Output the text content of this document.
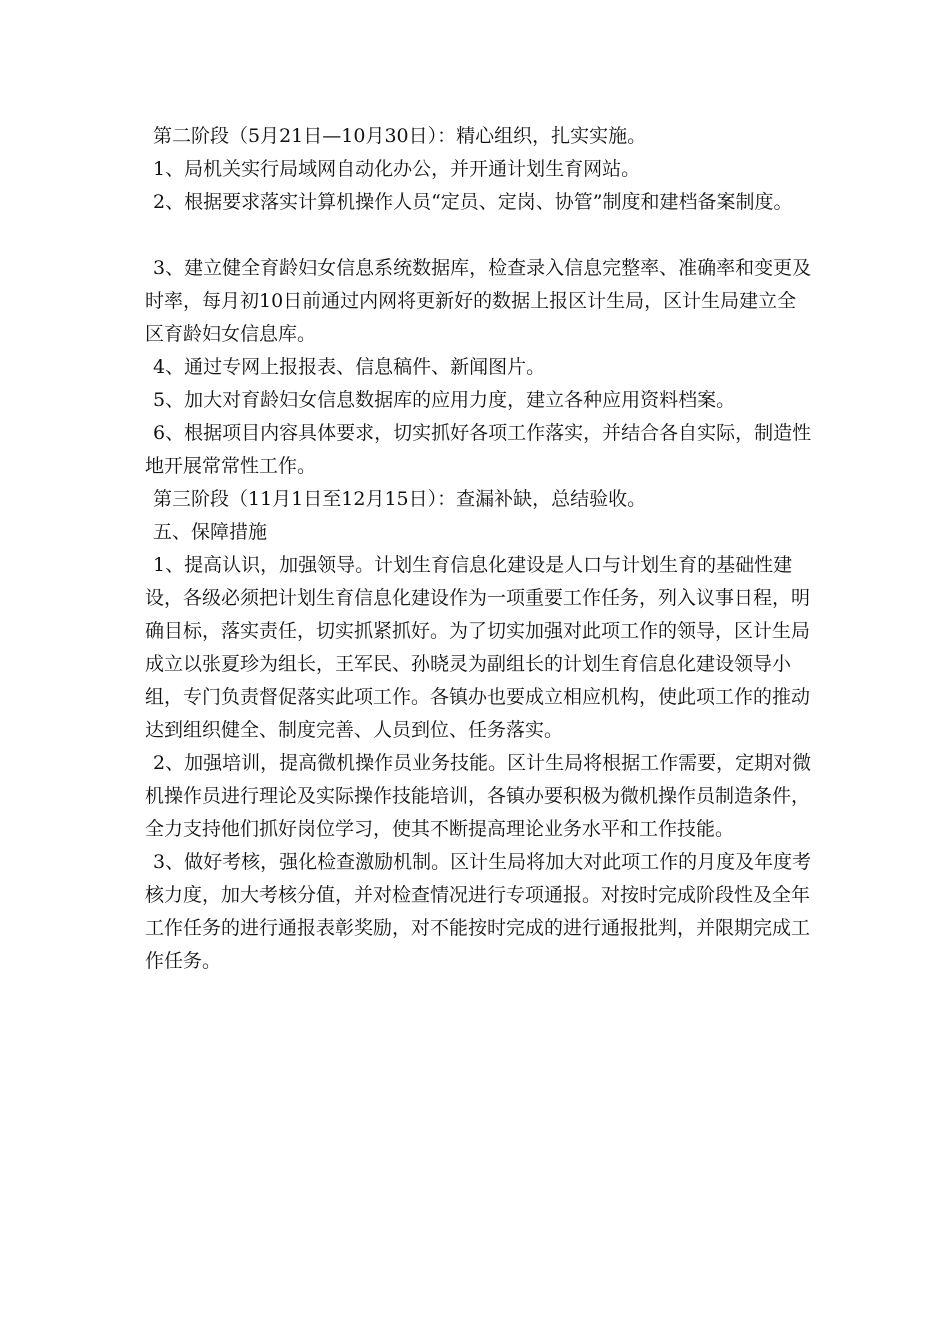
第二阶段（5月21日—10月30日）：精心组织，扎实实施。

1、局机关实行局域网自动化办公，并开通计划生育网站。

2、根据要求落实计算机操作人员“定员、定岗、协管”制度和建档备案制度。

3、建立健全育龄妇女信息系统数据库，检查录入信息完整率、准确率和变更及时率，每月初10日前通过内网将更新好的数据上报区计生局，区计生局建立全区育龄妇女信息库。

4、通过专网上报报表、信息稿件、新闻图片。

5、加大对育龄妇女信息数据库的应用力度，建立各种应用资料档案。

6、根据项目内容具体要求，切实抓好各项工作落实，并结合各自实际，制造性地开展常常性工作。

第三阶段（11月1日至12月15日）：查漏补缺，总结验收。

五、保障措施

1、提高认识，加强领导。计划生育信息化建设是人口与计划生育的基础性建设，各级必须把计划生育信息化建设作为一项重要工作任务，列入议事日程，明确目标，落实责任，切实抓紧抓好。为了切实加强对此项工作的领导，区计生局成立以张夏珍为组长，王军民、孙晓灵为副组长的计划生育信息化建设领导小组，专门负责督促落实此项工作。各镇办也要成立相应机构，使此项工作的推动达到组织健全、制度完善、人员到位、任务落实。

2、加强培训，提高微机操作员业务技能。区计生局将根据工作需要，定期对微机操作员进行理论及实际操作技能培训，各镇办要积极为微机操作员制造条件，全力支持他们抓好岗位学习，使其不断提高理论业务水平和工作技能。

3、做好考核，强化检查激励机制。区计生局将加大对此项工作的月度及年度考核力度，加大考核分值，并对检查情况进行专项通报。对按时完成阶段性及全年工作任务的进行通报表彰奖励，对不能按时完成的进行通报批判，并限期完成工作任务。
